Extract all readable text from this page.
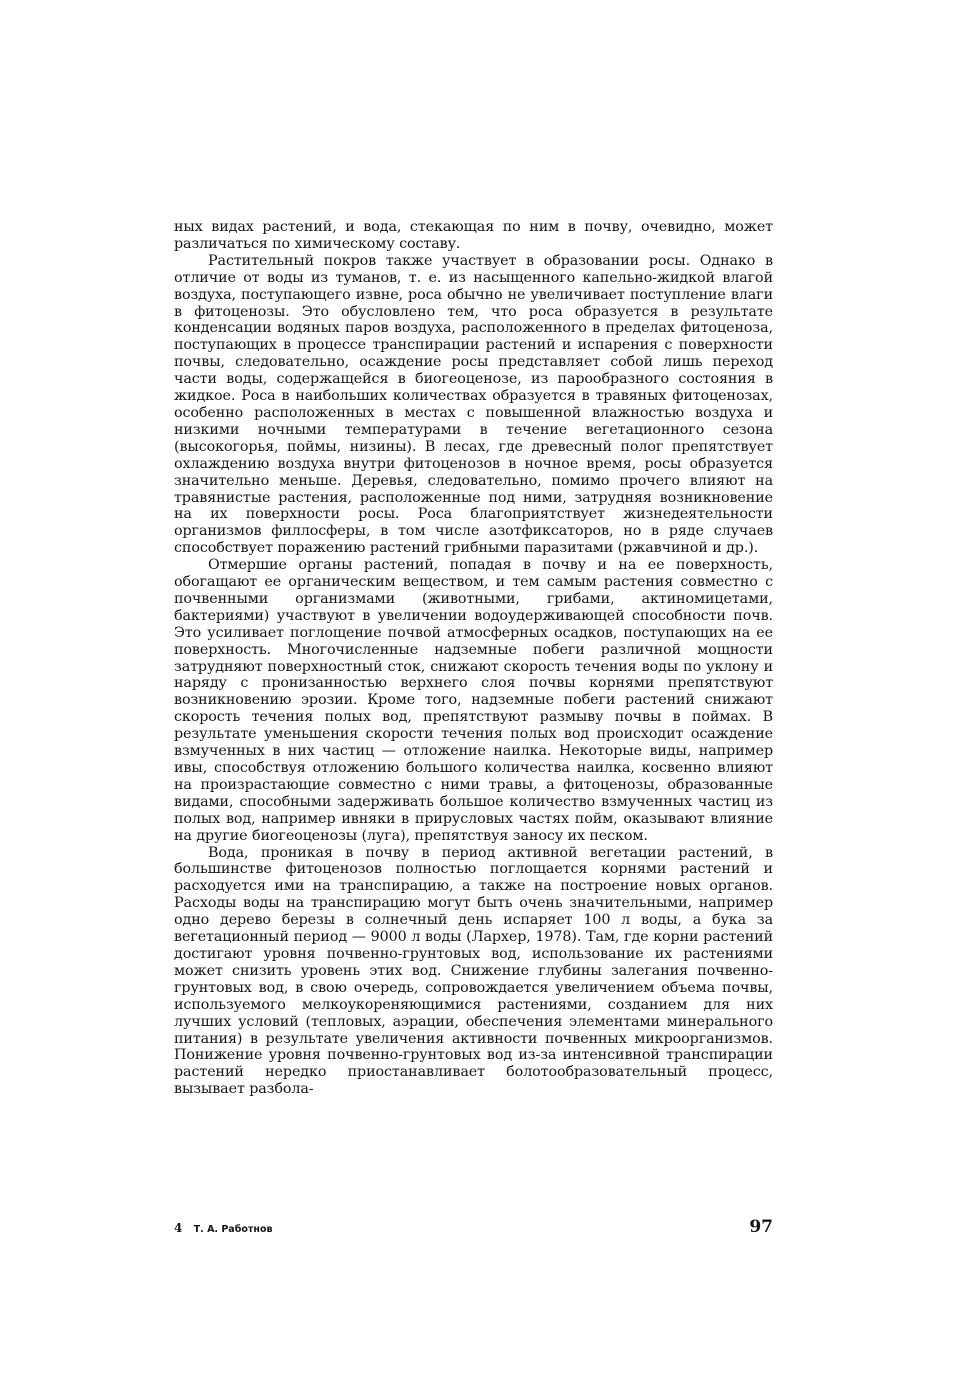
ных видах растений, и вода, стекающая по ним в почву, очевидно, может различаться по химическому составу.

Растительный покров также участвует в образовании росы. Однако в отличие от воды из туманов, т. е. из насыщенного капельно-жидкой влагой воздуха, поступающего извне, роса обычно не увеличивает поступление влаги в фитоценозы. Это обусловлено тем, что роса образуется в результате конденсации водяных паров воздуха, расположенного в пределах фитоценоза, поступающих в процессе транспирации растений и испарения с поверхности почвы, следовательно, осаждение росы представляет собой лишь переход части воды, содержащейся в биогеоценозе, из парообразного состояния в жидкое. Роса в наибольших количествах образуется в травяных фитоценозах, особенно расположенных в местах с повышенной влажностью воздуха и низкими ночными температурами в течение вегетационного сезона (высокогорья, поймы, низины). В лесах, где древесный полог препятствует охлаждению воздуха внутри фитоценозов в ночное время, росы образуется значительно меньше. Деревья, следовательно, помимо прочего влияют на травянистые растения, расположенные под ними, затрудняя возникновение на их поверхности росы. Роса благоприятствует жизнедеятельности организмов филлосферы, в том числе азотфиксаторов, но в ряде случаев способствует поражению растений грибными паразитами (ржавчиной и др.).

Отмершие органы растений, попадая в почву и на ее поверхность, обогащают ее органическим веществом, и тем самым растения совместно с почвенными организмами (животными, грибами, актиномицетами, бактериями) участвуют в увеличении водоудерживающей способности почв. Это усиливает поглощение почвой атмосферных осадков, поступающих на ее поверхность. Многочисленные надземные побеги различной мощности затрудняют поверхностный сток, снижают скорость течения воды по уклону и наряду с пронизанностью верхнего слоя почвы корнями препятствуют возникновению эрозии. Кроме того, надземные побеги растений снижают скорость течения полых вод, препятствуют размыву почвы в поймах. В результате уменьшения скорости течения полых вод происходит осаждение взмученных в них частиц — отложение наилка. Некоторые виды, например ивы, способствуя отложению большого количества наилка, косвенно влияют на произрастающие совместно с ними травы, а фитоценозы, образованные видами, способными задерживать большое количество взмученных частиц из полых вод, например ивняки в прирусловых частях пойм, оказывают влияние на другие биогеоценозы (луга), препятствуя заносу их песком.

Вода, проникая в почву в период активной вегетации растений, в большинстве фитоценозов полностью поглощается корнями растений и расходуется ими на транспирацию, а также на построение новых органов. Расходы воды на транспирацию могут быть очень значительными, например одно дерево березы в солнечный день испаряет 100 л воды, а бука за вегетационный период — 9000 л воды (Лархер, 1978). Там, где корни растений достигают уровня почвенно-грунтовых вод, использование их растениями может снизить уровень этих вод. Снижение глубины залегания почвенно-грунтовых вод, в свою очередь, сопровождается увеличением объема почвы, используемого мелкоукореняющимися растениями, созданием для них лучших условий (тепловых, аэрации, обеспечения элементами минерального питания) в результате увеличения активности почвенных микроорганизмов. Понижение уровня почвенно-грунтовых вод из-за интенсивной транспирации растений нередко приостанавливает болотообразовательный процесс, вызывает разбола-

4 Т. А. Работнов	97
